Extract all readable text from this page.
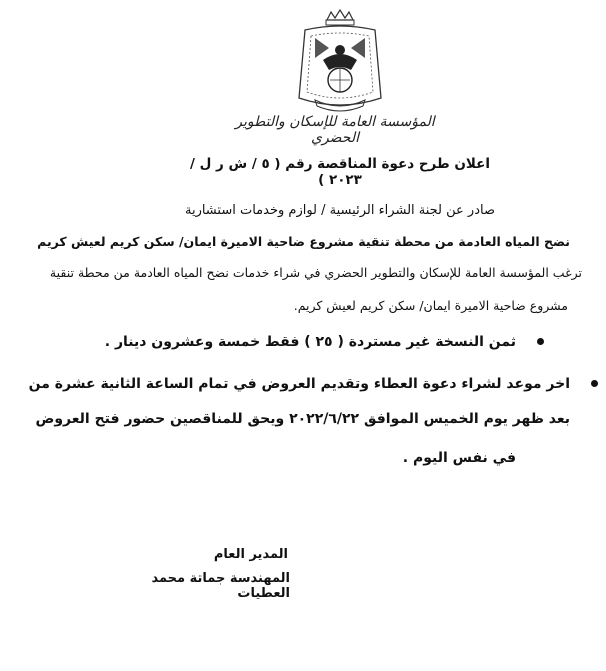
المؤسسة العامة للإسكان والتطوير الحضري
اعلان طرح دعوة المناقصة رقم ( ٥ / ش ر ل / ٢٠٢٣ )
صادر عن لجنة الشراء الرئيسية / لوازم وخدمات استشارية
نضح المياه العادمة من محطة تنقية مشروع ضاحية الاميرة ايمان/ سكن كريم لعيش كريم
ترغب المؤسسة العامة للإسكان والتطوير الحضري في شراء خدمات نضح المياه العادمة من محطة تنقية
مشروع ضاحية الاميرة ايمان/ سكن كريم لعيش كريم.
ثمن النسخة غير مستردة ( ٢٥ ) فقط خمسة وعشرون دينار .
اخر موعد لشراء دعوة العطاء وتقديم العروض في تمام الساعة الثانية عشرة من
بعد ظهر يوم الخميس الموافق ٢٠٢٢/٦/٢٢ ويحق للمناقصين حضور فتح العروض
في نفس اليوم .
المدير العام
المهندسة جماتة محمد العطيات
